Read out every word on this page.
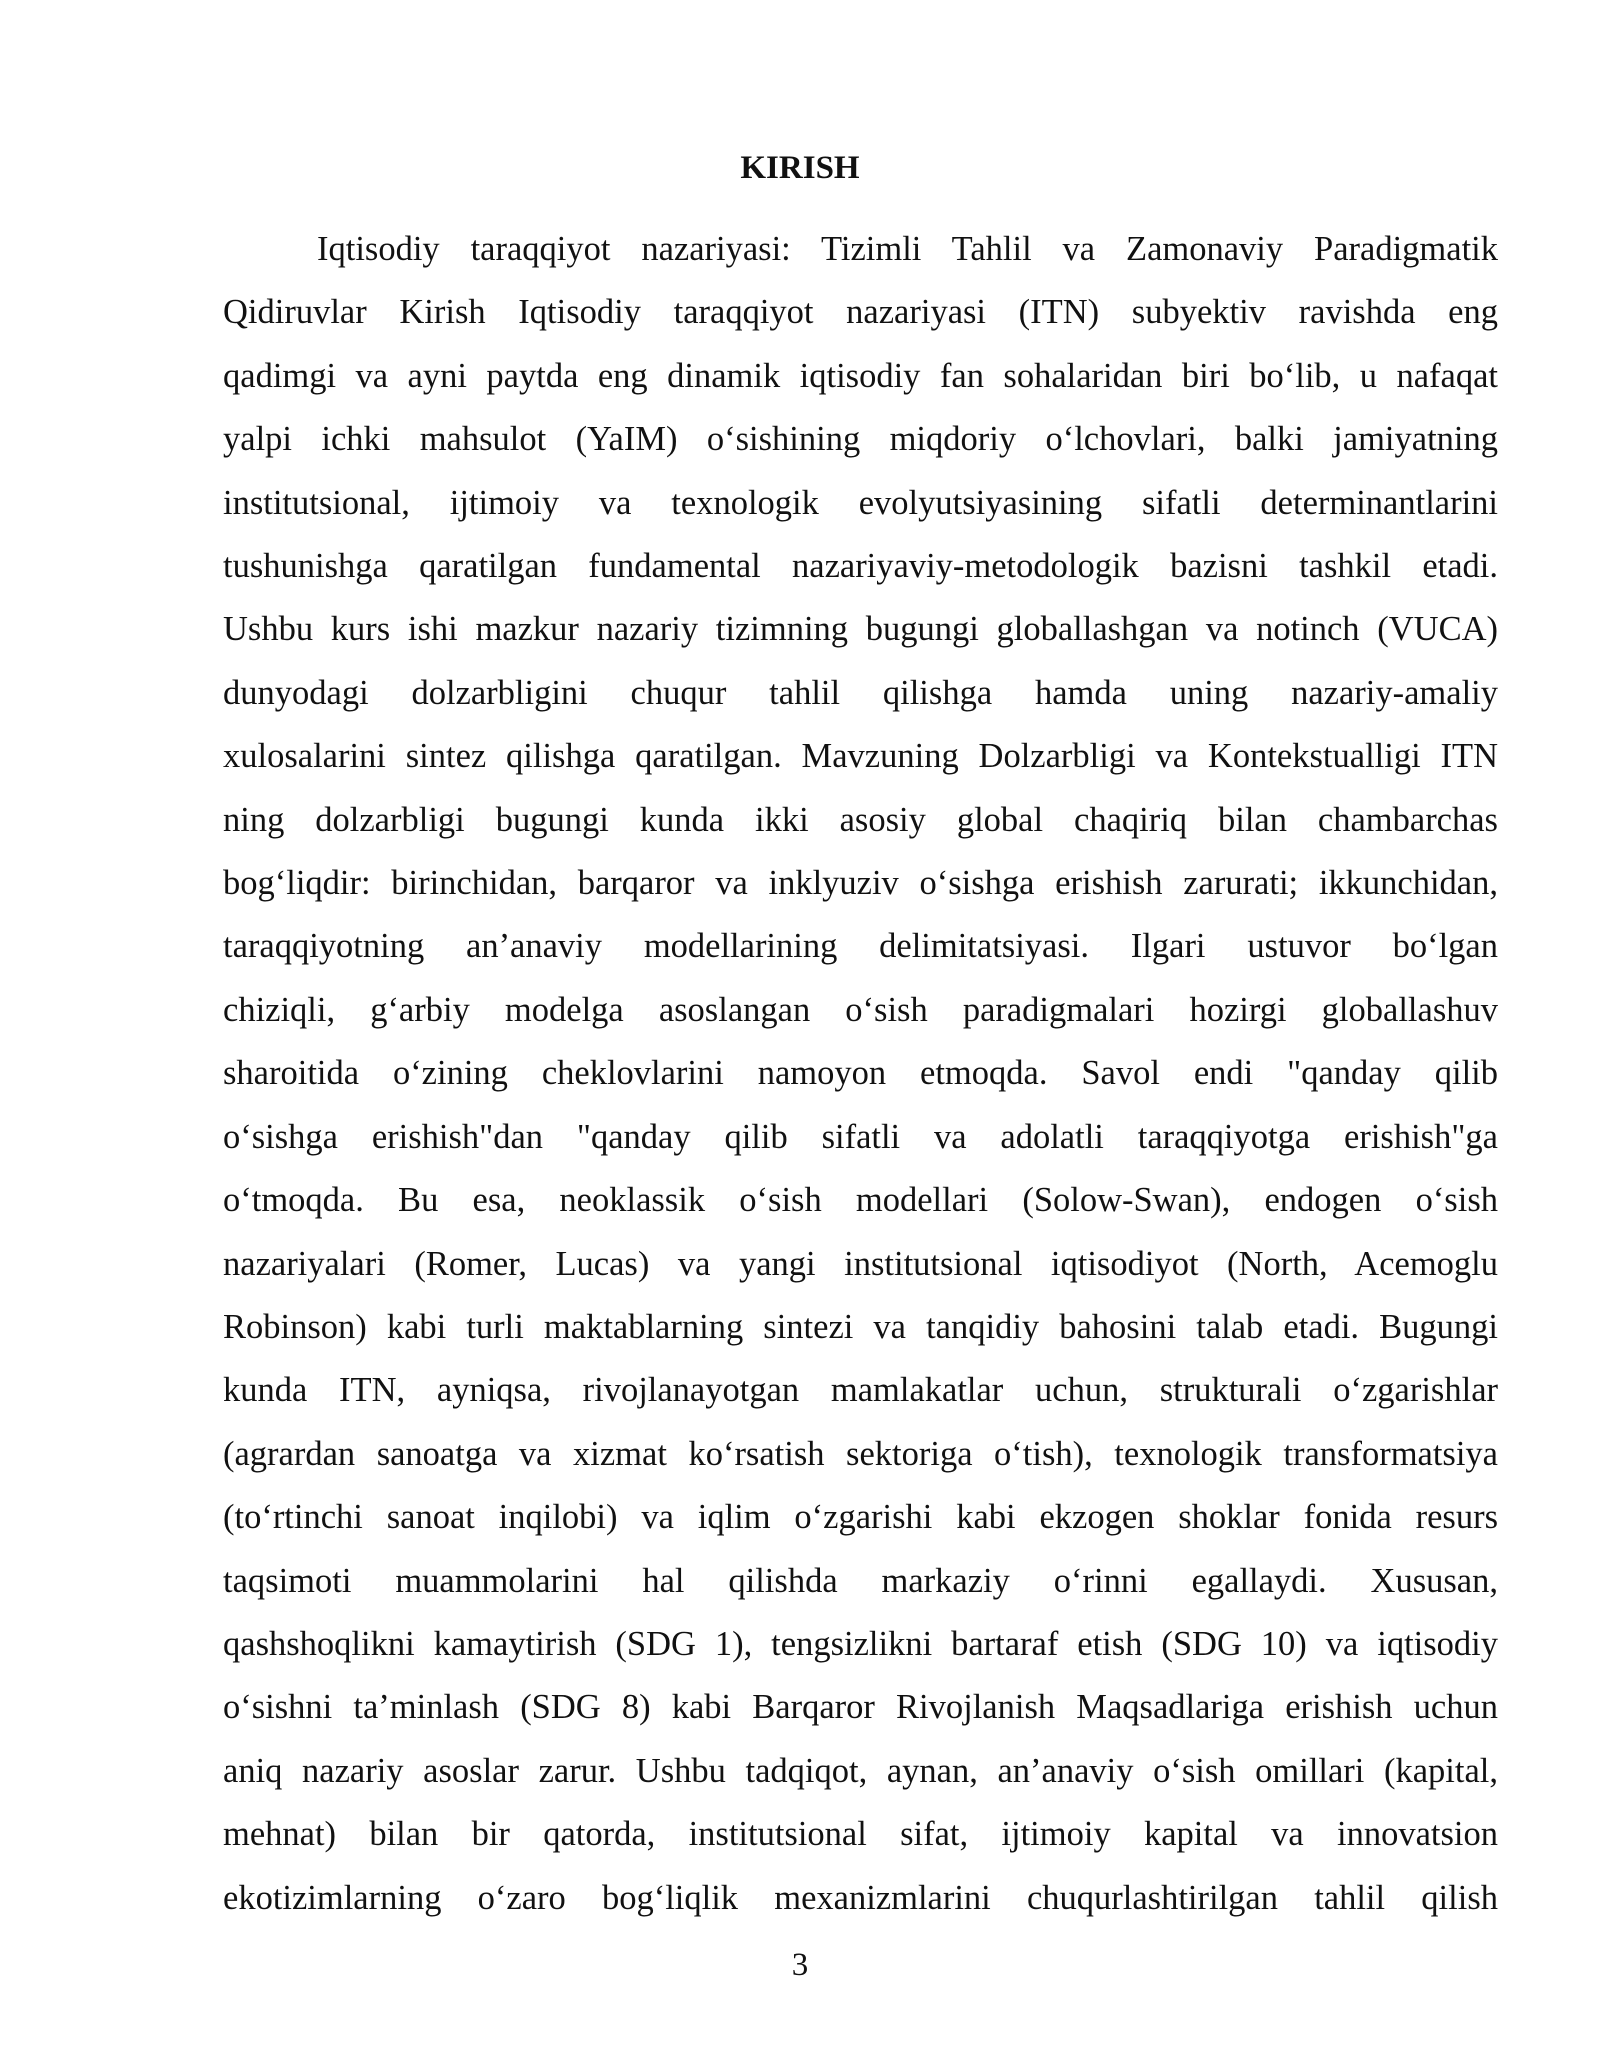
KIRISH
Iqtisodiy taraqqiyot nazariyasi: Tizimli Tahlil va Zamonaviy Paradigmatik
Qidiruvlar Kirish Iqtisodiy taraqqiyot nazariyasi (ITN) subyektiv ravishda eng
qadimgi va ayni paytda eng dinamik iqtisodiy fan sohalaridan biri boʻlib, u nafaqat
yalpi ichki mahsulot (YaIM) oʻsishining miqdoriy oʻlchovlari, balki jamiyatning
institutsional, ijtimoiy va texnologik evolyutsiyasining sifatli determinantlarini
tushunishga qaratilgan fundamental nazariyaviy-metodologik bazisni tashkil etadi.
Ushbu kurs ishi mazkur nazariy tizimning bugungi globallashgan va notinch (VUCA)
dunyodagi dolzarbligini chuqur tahlil qilishga hamda uning nazariy-amaliy
xulosalarini sintez qilishga qaratilgan. Mavzuning Dolzarbligi va Kontekstualligi ITN
ning dolzarbligi bugungi kunda ikki asosiy global chaqiriq bilan chambarchas
bogʻliqdir: birinchidan, barqaror va inklyuziv oʻsishga erishish zarurati; ikkunchidan,
taraqqiyotning an’anaviy modellarining delimitatsiyasi. Ilgari ustuvor boʻlgan
chiziqli, gʻarbiy modelga asoslangan oʻsish paradigmalari hozirgi globallashuv
sharoitida oʻzining cheklovlarini namoyon etmoqda. Savol endi "qanday qilib
oʻsishga erishish"dan "qanday qilib sifatli va adolatli taraqqiyotga erishish"ga
oʻtmoqda. Bu esa, neoklassik oʻsish modellari (Solow-Swan), endogen oʻsish
nazariyalari (Romer, Lucas) va yangi institutsional iqtisodiyot (North, Acemoglu
Robinson) kabi turli maktablarning sintezi va tanqidiy bahosini talab etadi. Bugungi
kunda ITN, ayniqsa, rivojlanayotgan mamlakatlar uchun, strukturali oʻzgarishlar
(agrardan sanoatga va xizmat koʻrsatish sektoriga oʻtish), texnologik transformatsiya
(toʻrtinchi sanoat inqilobi) va iqlim oʻzgarishi kabi ekzogen shoklar fonida resurs
taqsimoti muammolarini hal qilishda markaziy oʻrinni egallaydi. Xususan,
qashshoqlikni kamaytirish (SDG 1), tengsizlikni bartaraf etish (SDG 10) va iqtisodiy
oʻsishni ta’minlash (SDG 8) kabi Barqaror Rivojlanish Maqsadlariga erishish uchun
aniq nazariy asoslar zarur. Ushbu tadqiqot, aynan, an’anaviy oʻsish omillari (kapital,
mehnat) bilan bir qatorda, institutsional sifat, ijtimoiy kapital va innovatsion
ekotizimlarning oʻzaro bogʻliqlik mexanizmlarini chuqurlashtirilgan tahlil qilish
3
